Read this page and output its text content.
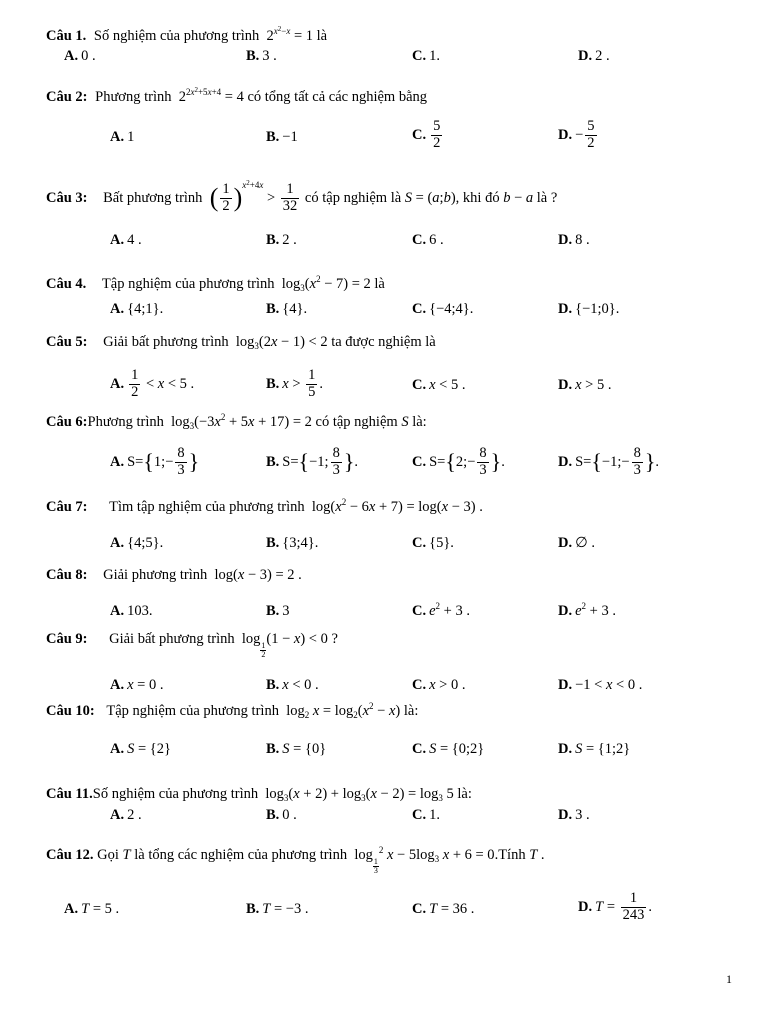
Câu 1. Số nghiệm của phương trình  $2^{x^2-x} = 1$ là
A. 0 .	B. 3 .	C. 1.	D. 2 .
Câu 2: Phương trình  $2^{2x^2+5x+4} = 4$ có tổng tất cả các nghiệm bằng
A. 1	B. −1	C. $\frac{5}{2}$	D. − $\frac{5}{2}$
Câu 3: Bất phương trình ( $\frac{1}{2} )^{x^2+4x} > \frac{1}{32}$ có tập nghiệm là S = (a;b), khi đó b − a là ?
A. 4 .	B. 2 .	C. 6 .	D. 8 .
Câu 4. Tập nghiệm của phương trình  $\log_3(x^2 - 7) = 2$ là
A. {4;1}.	B. {4}.	C. {−4;4}.	D. {−1;0}.
Câu 5: Giải bất phương trình  $\log_3(2x - 1) < 2$ ta được nghiệm là
A. $\frac{1}{2} < x < 5$ .	B. $x > \frac{1}{5}$ .	C. x < 5 .	D. x > 5 .
Câu 6:Phương trình  $\log_3(-3x^2 + 5x + 17) = 2$ có tập nghiệm S là:
A. S={1;− $\frac{8}{3}$ }	B. S={−1; $\frac{8}{3}$ }.	C. S={2;− $\frac{8}{3}$ }.	D. S={−1;− $\frac{8}{3}$ }.
Câu 7: Tìm tập nghiệm của phương trình  $\log(x^2 - 6x + 7) = \log(x - 3)$ .
A. {4;5}.	B. {3;4}.	C. {5}.	D. ∅ .
Câu 8: Giải phương trình  log(x − 3) = 2 .
A. 103.	B. 3	C. $e^2 + 3$ .	D. $e^2 + 3$ .
Câu 9: Giải bất phương trình  log
$_{\frac{1}{2}}$
(1 − x) < 0 ?
A. x = 0 .	B. x < 0 .	C. x > 0 .	D. −1 < x < 0 .
Câu 10: Tập nghiệm của phương trình  $\log_2 x = \log_2(x^2 - x)$ là:
A. S = {2}	B. S = {0}	C. S = {0;2}	D. S = {1;2}
Câu 11.Số nghiệm của phương trình  $\log_3(x + 2) + \log_3(x - 2) = \log_3 5$ là:
A. 2 .	B. 0 .	C. 1.	D. 3 .
Câu 12. Gọi T là tổng các nghiệm của phương trình  log
$_{\frac{1}{3}}$
$^2$ $x - 5\log_3$ x + 6 = 0.Tính T .
A. T = 5 .	B. T = −3 .	C. T = 36 .	D. $T = \frac{1}{243}$ .
1
